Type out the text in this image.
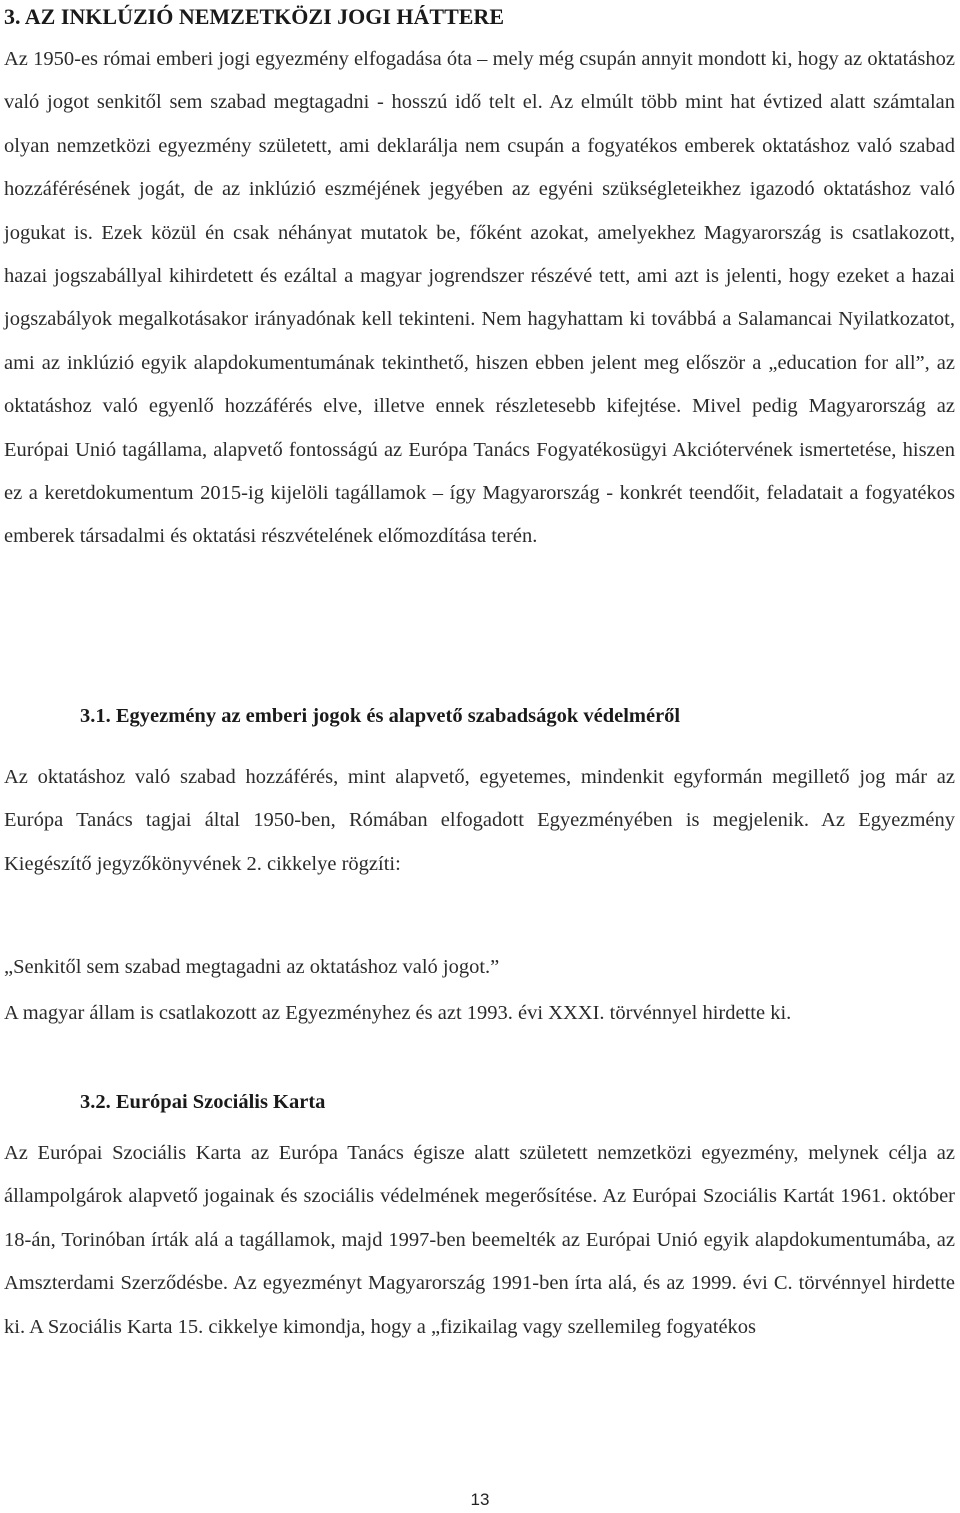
3. AZ INKLÚZIÓ NEMZETKÖZI JOGI HÁTTERE

Az 1950-es római emberi jogi egyezmény elfogadása óta – mely még csupán annyit mondott ki, hogy az oktatáshoz való jogot senkitől sem szabad megtagadni - hosszú idő telt el. Az elmúlt több mint hat évtized alatt számtalan olyan nemzetközi egyezmény született, ami deklarálja nem csupán a fogyatékos emberek oktatáshoz való szabad hozzáférésének jogát, de az inklúzió eszméjének jegyében az egyéni szükségleteikhez igazodó oktatáshoz való jogukat is. Ezek közül én csak néhányat mutatok be, főként azokat, amelyekhez Magyarország is csatlakozott, hazai jogszabállyal kihirdetett és ezáltal a magyar jogrendszer részévé tett, ami azt is jelenti, hogy ezeket a hazai jogszabályok megalkotásakor irányadónak kell tekinteni. Nem hagyhattam ki továbbá a Salamancai Nyilatkozatot, ami az inklúzió egyik alapdokumentumának tekinthető, hiszen ebben jelent meg először a „education for all”, az oktatáshoz való egyenlő hozzáférés elve, illetve ennek részletesebb kifejtése. Mivel pedig Magyarország az Európai Unió tagállama, alapvető fontosságú az Európa Tanács Fogyatékosügyi Akciótervének ismertetése, hiszen ez a keretdokumentum 2015-ig kijelöli tagállamok – így Magyarország - konkrét teendőit, feladatait a fogyatékos emberek társadalmi és oktatási részvételének előmozdítása terén.

3.1. Egyezmény az emberi jogok és alapvető szabadságok védelméről

Az oktatáshoz való szabad hozzáférés, mint alapvető, egyetemes, mindenkit egyformán megillető jog már az Európa Tanács tagjai által 1950-ben, Rómában elfogadott Egyezményében is megjelenik. Az Egyezmény Kiegészítő jegyzőkönyvének 2. cikkelye rögzíti:

„Senkitől sem szabad megtagadni az oktatáshoz való jogot.”

A magyar állam is csatlakozott az Egyezményhez és azt 1993. évi XXXI. törvénnyel hirdette ki.

3.2. Európai Szociális Karta

Az Európai Szociális Karta az Európa Tanács égisze alatt született nemzetközi egyezmény, melynek célja az állampolgárok alapvető jogainak és szociális védelmének megerősítése. Az Európai Szociális Kartát 1961. október 18-án, Torinóban írták alá a tagállamok, majd 1997-ben beemelték az Európai Unió egyik alapdokumentumába, az Amszterdami Szerződésbe. Az egyezményt Magyarország 1991-ben írta alá, és az 1999. évi C. törvénnyel hirdette ki. A Szociális Karta 15. cikkelye kimondja, hogy a „fizikailag vagy szellemileg fogyatékos

13
